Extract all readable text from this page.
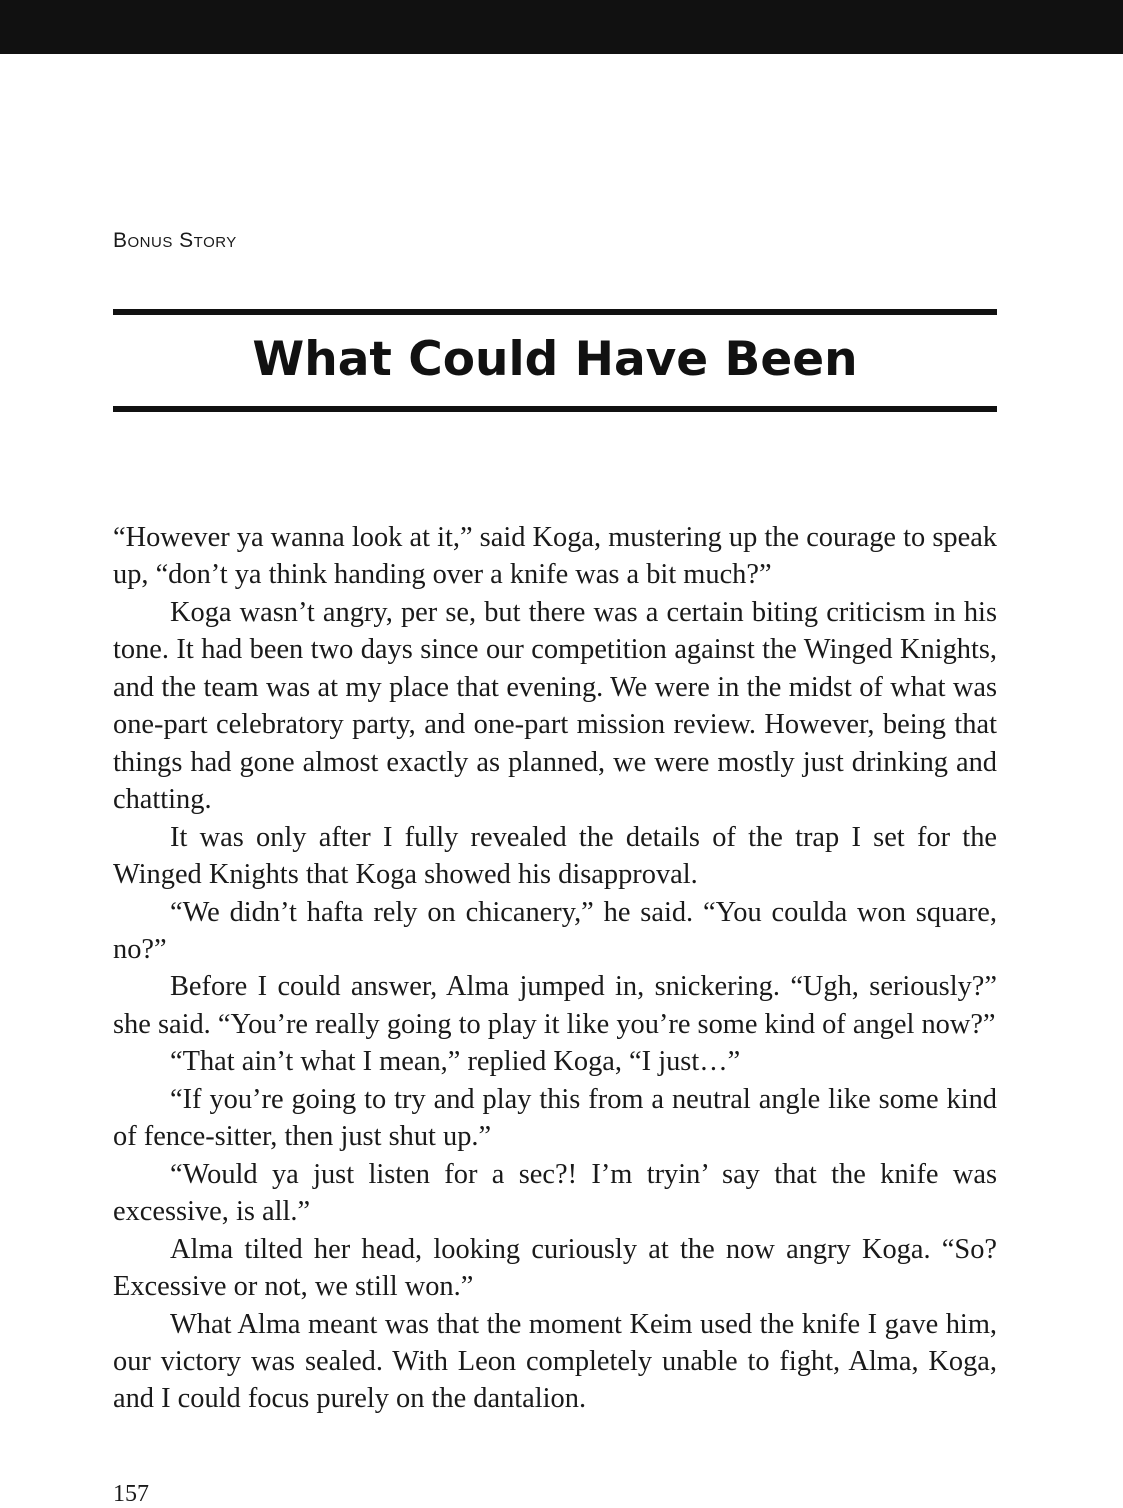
Bonus Story
What Could Have Been

“However ya wanna look at it,” said Koga, mustering up the courage to speak up, “don’t ya think handing over a knife was a bit much?”

Koga wasn’t angry, per se, but there was a certain biting criticism in his tone. It had been two days since our competition against the Winged Knights, and the team was at my place that evening. We were in the midst of what was one-part celebratory party, and one-part mission review. However, being that things had gone almost exactly as planned, we were mostly just drinking and chatting.

It was only after I fully revealed the details of the trap I set for the Winged Knights that Koga showed his disapproval.

“We didn’t hafta rely on chicanery,” he said. “You coulda won square, no?”

Before I could answer, Alma jumped in, snickering. “Ugh, seriously?” she said. “You’re really going to play it like you’re some kind of angel now?”

“That ain’t what I mean,” replied Koga, “I just…”

“If you’re going to try and play this from a neutral angle like some kind of fence-sitter, then just shut up.”

“Would ya just listen for a sec?! I’m tryin’ say that the knife was excessive, is all.”

Alma tilted her head, looking curiously at the now angry Koga. “So? Excessive or not, we still won.”

What Alma meant was that the moment Keim used the knife I gave him, our victory was sealed. With Leon completely unable to fight, Alma, Koga, and I could focus purely on the dantalion.

157
